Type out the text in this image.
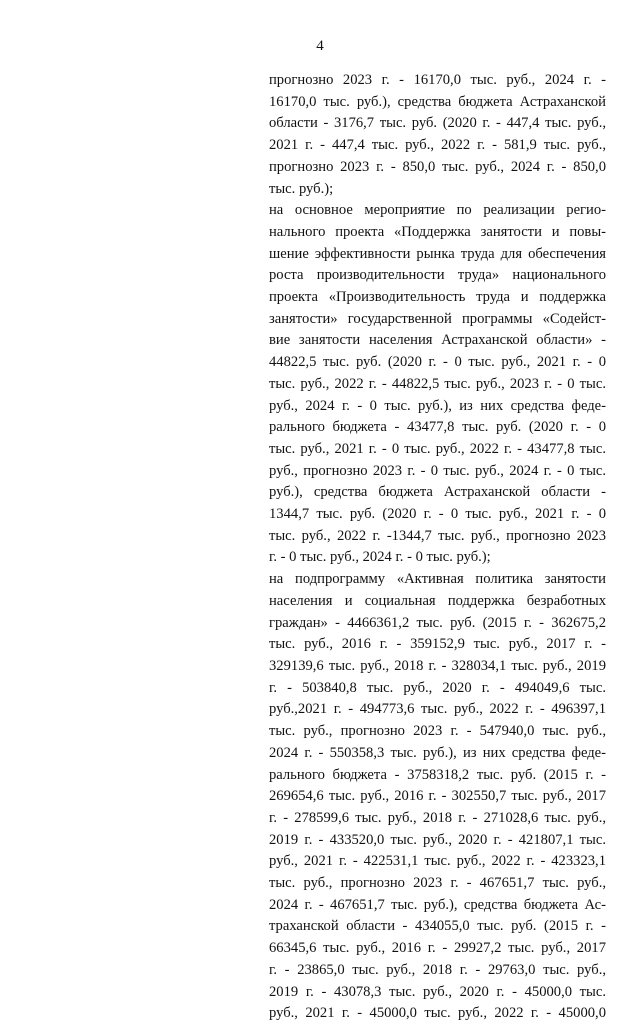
4
прогнозно 2023 г. - 16170,0 тыс. руб., 2024 г. -
16170,0 тыс. руб.), средства бюджета Астраханской
области - 3176,7 тыс. руб. (2020 г. - 447,4 тыс. руб.,
2021 г. - 447,4 тыс. руб., 2022 г. - 581,9 тыс. руб.,
прогнозно 2023 г. - 850,0 тыс. руб., 2024 г. - 850,0
тыс. руб.);
на основное мероприятие по реализации регио-
нального проекта «Поддержка занятости и повы-
шение эффективности рынка труда для обеспечения
роста производительности труда» национального
проекта «Производительность труда и поддержка
занятости» государственной программы «Содейст-
вие занятости населения Астраханской области» -
44822,5 тыс. руб. (2020 г. - 0 тыс. руб., 2021 г. - 0
тыс. руб., 2022 г. - 44822,5 тыс. руб., 2023 г. - 0 тыс.
руб., 2024 г. - 0 тыс. руб.), из них средства феде-
рального бюджета - 43477,8 тыс. руб. (2020 г. - 0
тыс. руб., 2021 г. - 0 тыс. руб., 2022 г. - 43477,8 тыс.
руб., прогнозно 2023 г. - 0 тыс. руб., 2024 г. - 0 тыс.
руб.), средства бюджета Астраханской области -
1344,7 тыс. руб. (2020 г. - 0 тыс. руб., 2021 г. - 0
тыс. руб., 2022 г. -1344,7 тыс. руб., прогнозно 2023
г. - 0 тыс. руб., 2024 г. - 0 тыс. руб.);
на подпрограмму «Активная политика занятости
населения и социальная поддержка безработных
граждан» - 4466361,2 тыс. руб. (2015 г. - 362675,2
тыс. руб., 2016 г. - 359152,9 тыс. руб., 2017 г. -
329139,6 тыс. руб., 2018 г. - 328034,1 тыс. руб., 2019
г. - 503840,8 тыс. руб., 2020 г. - 494049,6 тыс.
руб.,2021 г. - 494773,6 тыс. руб., 2022 г. - 496397,1
тыс. руб., прогнозно 2023 г. - 547940,0 тыс. руб.,
2024 г. - 550358,3 тыс. руб.), из них средства феде-
рального бюджета - 3758318,2 тыс. руб. (2015 г. -
269654,6 тыс. руб., 2016 г. - 302550,7 тыс. руб., 2017
г. - 278599,6 тыс. руб., 2018 г. - 271028,6 тыс. руб.,
2019 г. - 433520,0 тыс. руб., 2020 г. - 421807,1 тыс.
руб., 2021 г. - 422531,1 тыс. руб., 2022 г. - 423323,1
тыс. руб., прогнозно 2023 г. - 467651,7 тыс. руб.,
2024 г. - 467651,7 тыс. руб.), средства бюджета Ас-
траханской области - 434055,0 тыс. руб. (2015 г. -
66345,6 тыс. руб., 2016 г. - 29927,2 тыс. руб., 2017
г. - 23865,0 тыс. руб., 2018 г. - 29763,0 тыс. руб.,
2019 г. - 43078,3 тыс. руб., 2020 г. - 45000,0 тыс.
руб., 2021 г. - 45000,0 тыс. руб., 2022 г. - 45000,0
